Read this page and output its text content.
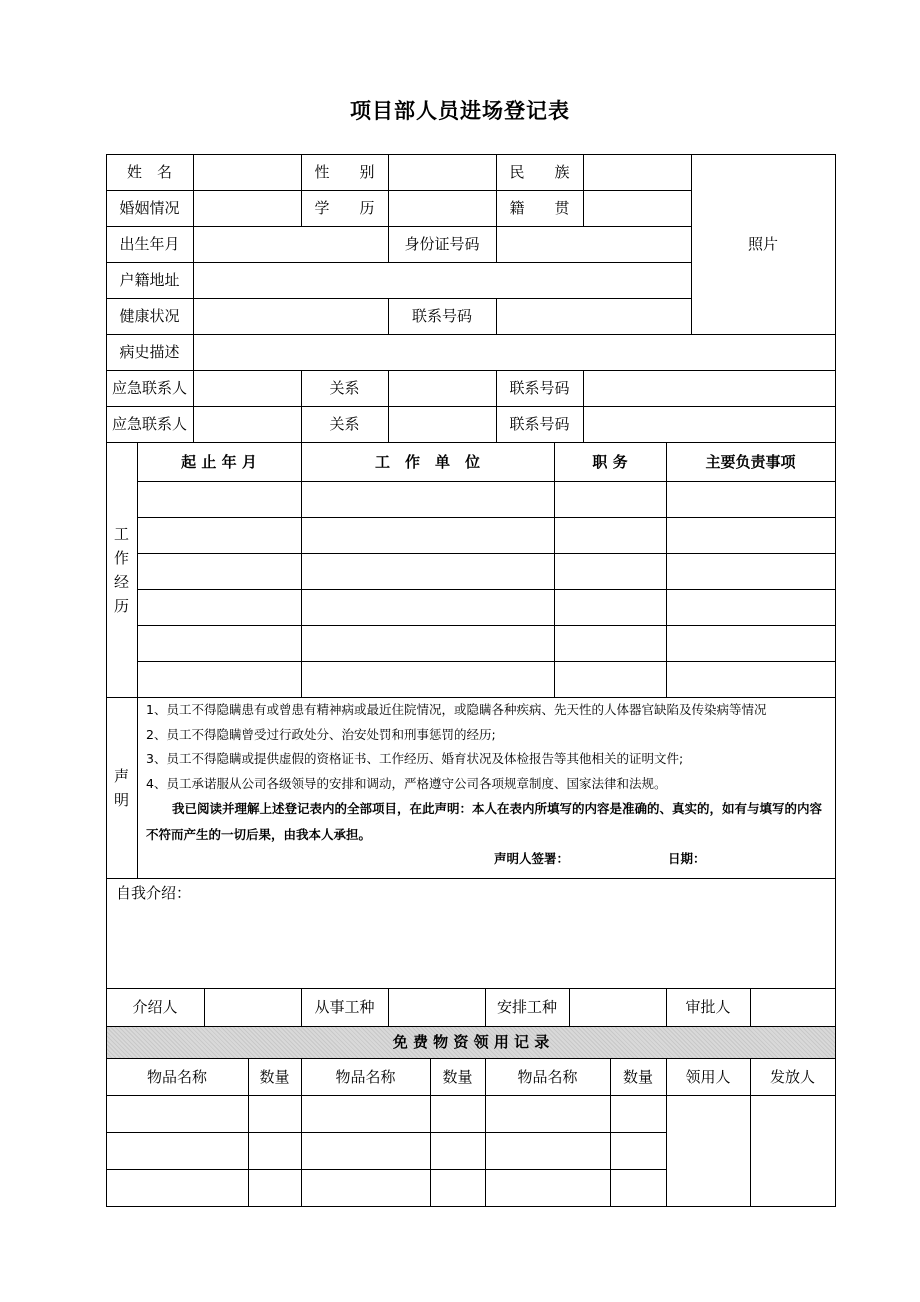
项目部人员进场登记表
姓　名	性　　别	民　　族
照片
婚姻情况	学　　历	籍　　贯
出生年月	身份证号码
户籍地址
健康状况	联系号码
病史描述
应急联系人	关系	联系号码
应急联系人	关系	联系号码
工
作
经
历
起 止 年 月	工　作　单　位	职 务	主要负责事项
声
明
1、员工不得隐瞒患有或曾患有精神病或最近住院情况，或隐瞒各种疾病、先天性的人体器官缺陷及传染病等情况
2、员工不得隐瞒曾受过行政处分、治安处罚和刑事惩罚的经历;
3、员工不得隐瞒或提供虚假的资格证书、工作经历、婚育状况及体检报告等其他相关的证明文件;
4、员工承诺服从公司各级领导的安排和调动，严格遵守公司各项规章制度、国家法律和法规。
我已阅读并理解上述登记表内的全部项目，在此声明：本人在表内所填写的内容是准确的、真实的，如有与填写的内容不符而产生的一切后果，由我本人承担。
声明人签署：	日期：
自我介绍：
介绍人	从事工种	安排工种	审批人
免 费 物 资 领 用 记 录
物品名称	数量	物品名称	数量	物品名称	数量	领用人	发放人
